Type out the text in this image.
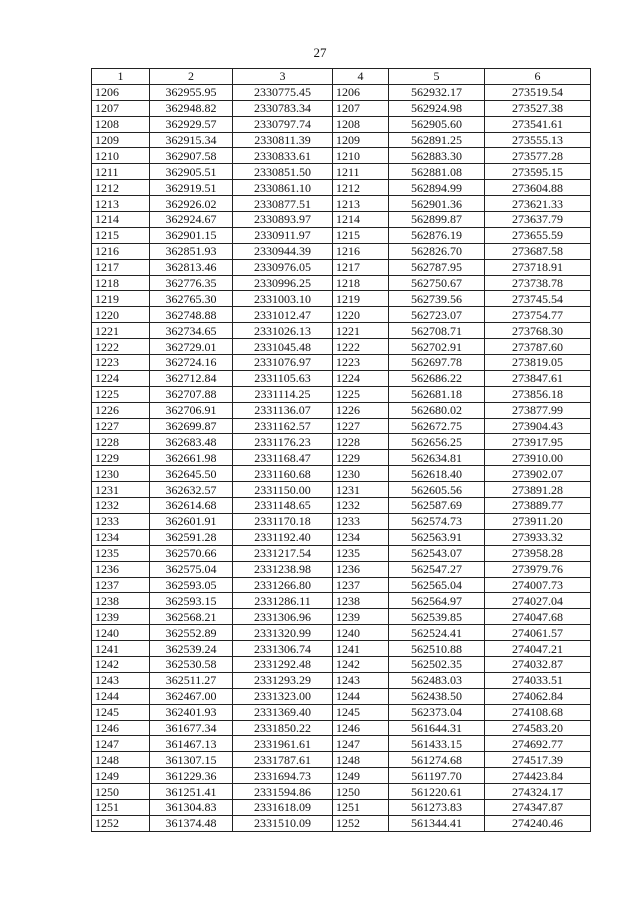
27
1	2	3	4	5	6
1206	362955.95	2330775.45	1206	562932.17	273519.54
1207	362948.82	2330783.34	1207	562924.98	273527.38
1208	362929.57	2330797.74	1208	562905.60	273541.61
1209	362915.34	2330811.39	1209	562891.25	273555.13
1210	362907.58	2330833.61	1210	562883.30	273577.28
1211	362905.51	2330851.50	1211	562881.08	273595.15
1212	362919.51	2330861.10	1212	562894.99	273604.88
1213	362926.02	2330877.51	1213	562901.36	273621.33
1214	362924.67	2330893.97	1214	562899.87	273637.79
1215	362901.15	2330911.97	1215	562876.19	273655.59
1216	362851.93	2330944.39	1216	562826.70	273687.58
1217	362813.46	2330976.05	1217	562787.95	273718.91
1218	362776.35	2330996.25	1218	562750.67	273738.78
1219	362765.30	2331003.10	1219	562739.56	273745.54
1220	362748.88	2331012.47	1220	562723.07	273754.77
1221	362734.65	2331026.13	1221	562708.71	273768.30
1222	362729.01	2331045.48	1222	562702.91	273787.60
1223	362724.16	2331076.97	1223	562697.78	273819.05
1224	362712.84	2331105.63	1224	562686.22	273847.61
1225	362707.88	2331114.25	1225	562681.18	273856.18
1226	362706.91	2331136.07	1226	562680.02	273877.99
1227	362699.87	2331162.57	1227	562672.75	273904.43
1228	362683.48	2331176.23	1228	562656.25	273917.95
1229	362661.98	2331168.47	1229	562634.81	273910.00
1230	362645.50	2331160.68	1230	562618.40	273902.07
1231	362632.57	2331150.00	1231	562605.56	273891.28
1232	362614.68	2331148.65	1232	562587.69	273889.77
1233	362601.91	2331170.18	1233	562574.73	273911.20
1234	362591.28	2331192.40	1234	562563.91	273933.32
1235	362570.66	2331217.54	1235	562543.07	273958.28
1236	362575.04	2331238.98	1236	562547.27	273979.76
1237	362593.05	2331266.80	1237	562565.04	274007.73
1238	362593.15	2331286.11	1238	562564.97	274027.04
1239	362568.21	2331306.96	1239	562539.85	274047.68
1240	362552.89	2331320.99	1240	562524.41	274061.57
1241	362539.24	2331306.74	1241	562510.88	274047.21
1242	362530.58	2331292.48	1242	562502.35	274032.87
1243	362511.27	2331293.29	1243	562483.03	274033.51
1244	362467.00	2331323.00	1244	562438.50	274062.84
1245	362401.93	2331369.40	1245	562373.04	274108.68
1246	361677.34	2331850.22	1246	561644.31	274583.20
1247	361467.13	2331961.61	1247	561433.15	274692.77
1248	361307.15	2331787.61	1248	561274.68	274517.39
1249	361229.36	2331694.73	1249	561197.70	274423.84
1250	361251.41	2331594.86	1250	561220.61	274324.17
1251	361304.83	2331618.09	1251	561273.83	274347.87
1252	361374.48	2331510.09	1252	561344.41	274240.46
